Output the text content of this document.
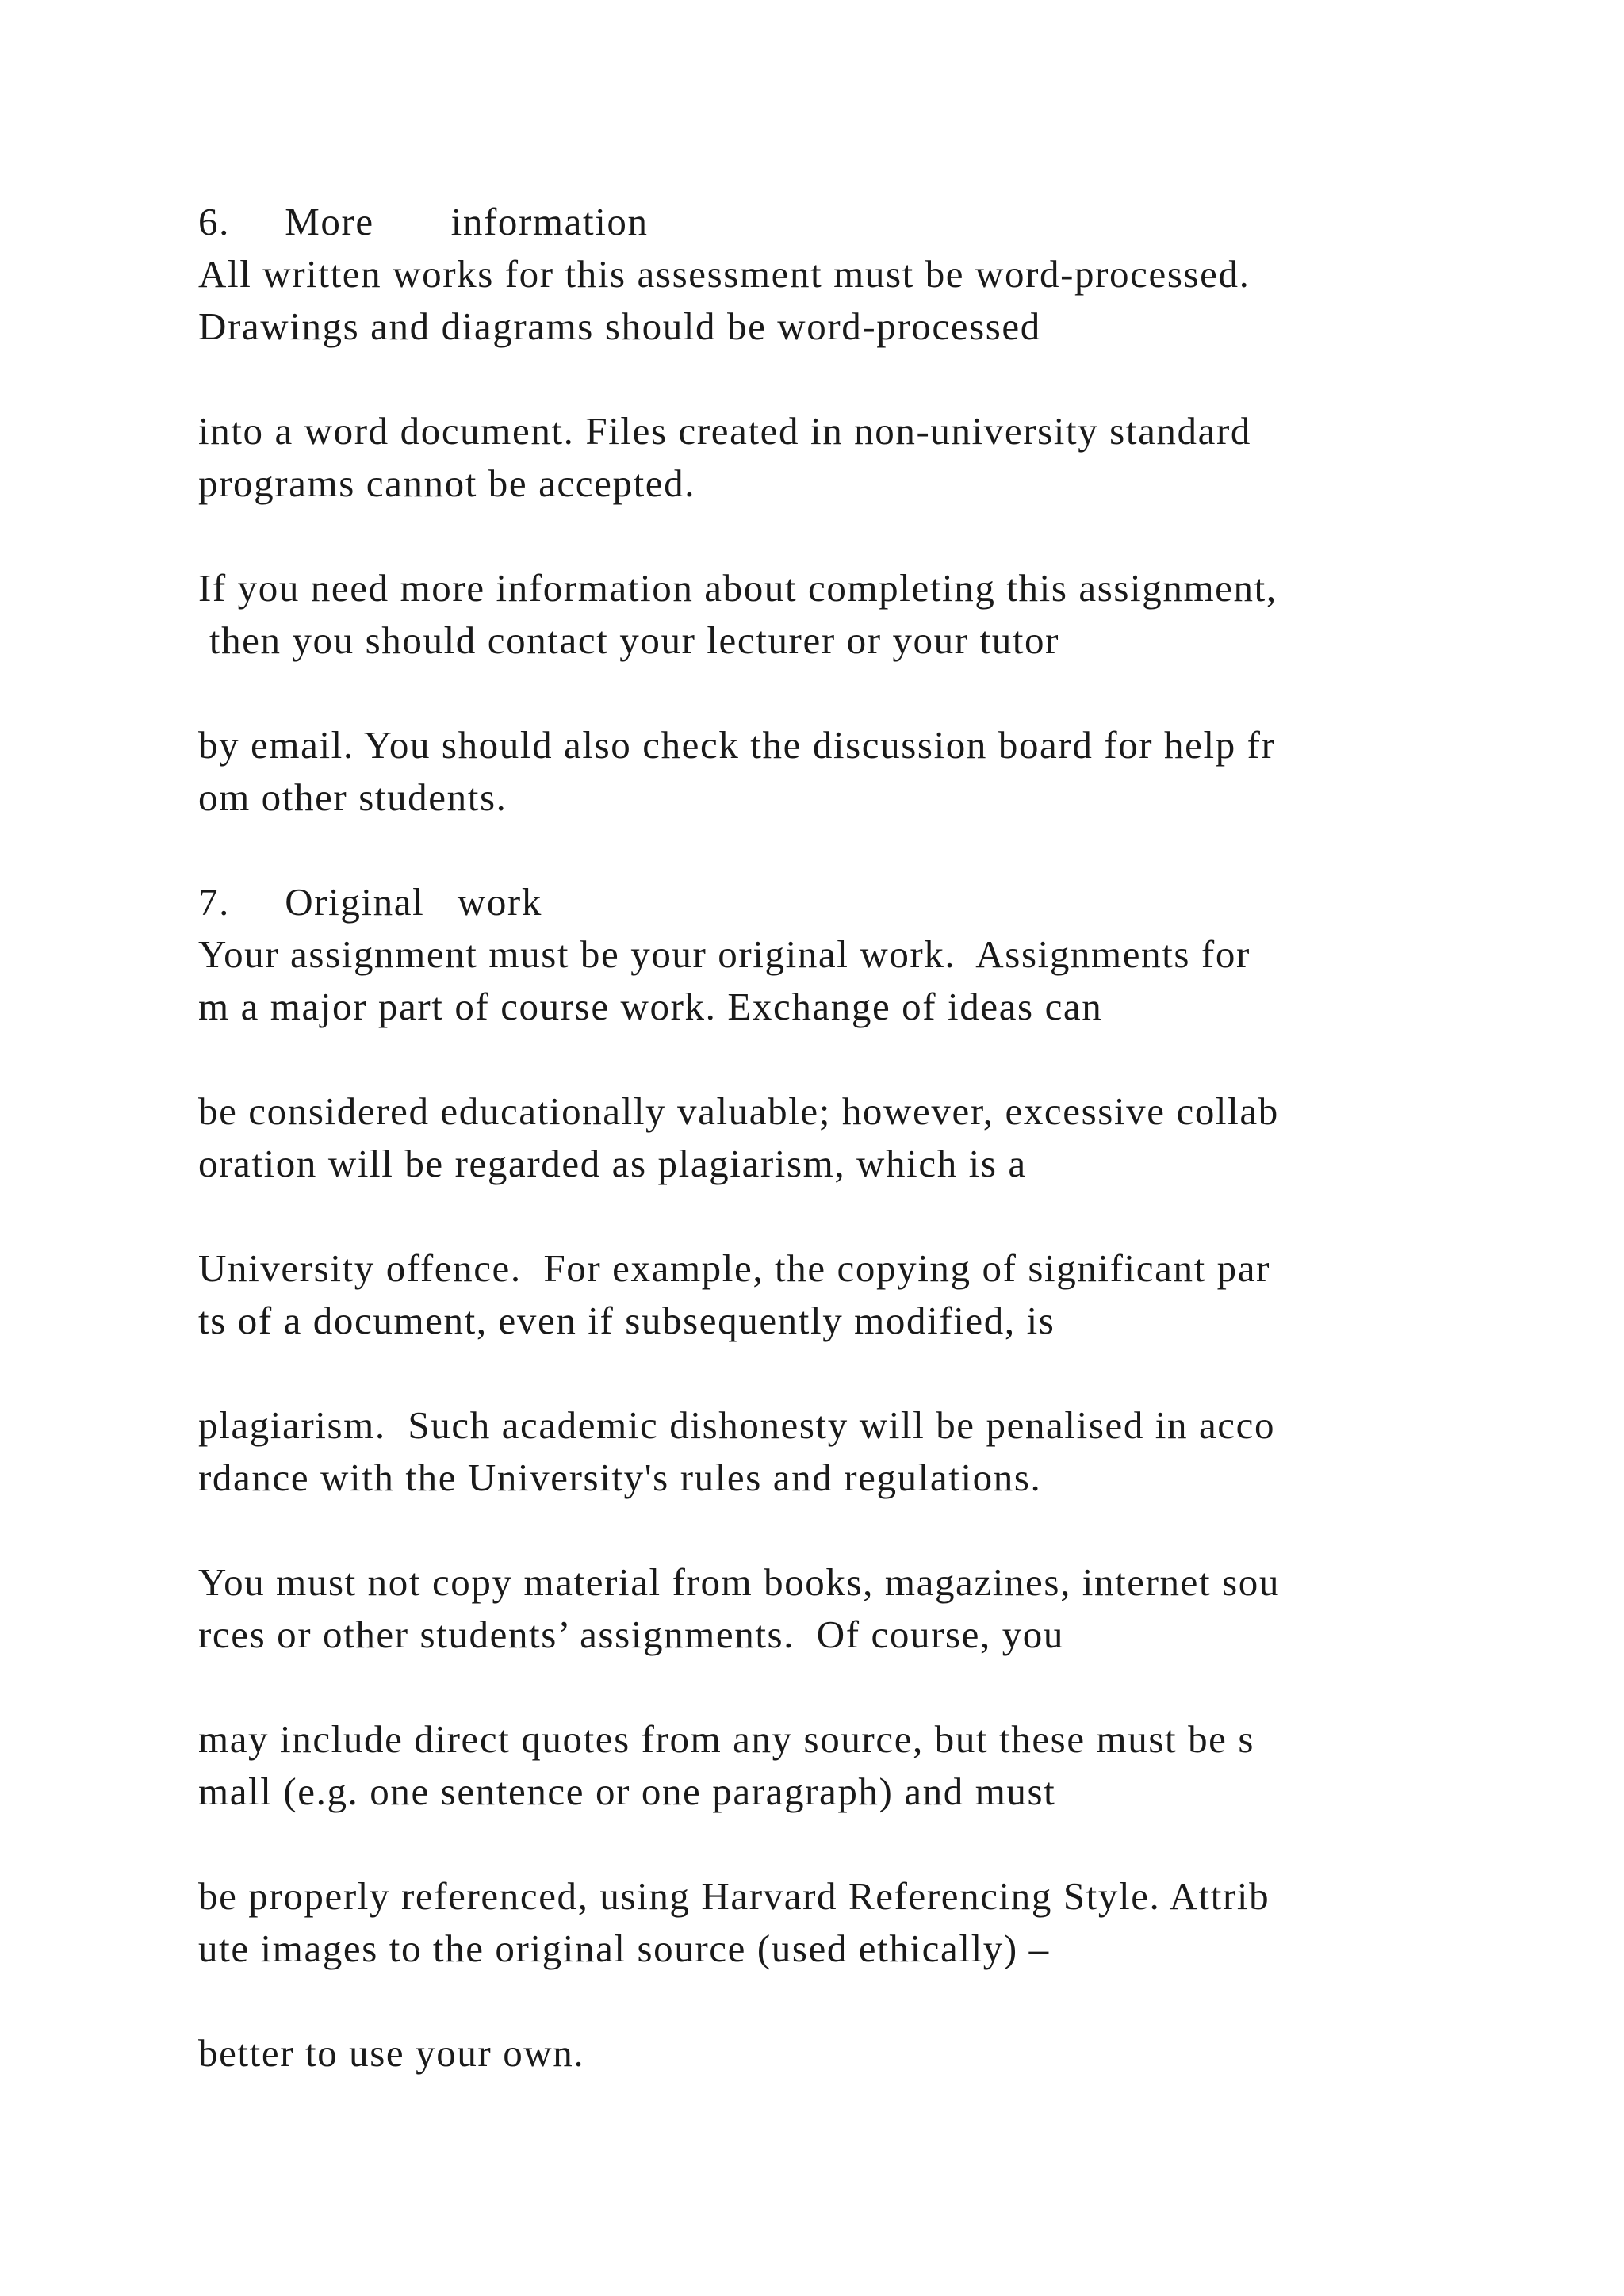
6.     More       information

All written works for this assessment must be word-processed.

Drawings and diagrams should be word-processed

into a word document. Files created in non-university standard

programs cannot be accepted.

If you need more information about completing this assignment,

then you should contact your lecturer or your tutor

by email. You should also check the discussion board for help fr

om other students.

7.     Original   work

Your assignment must be your original work.  Assignments for

m a major part of course work. Exchange of ideas can

be considered educationally valuable; however, excessive collab

oration will be regarded as plagiarism, which is a

University offence.  For example, the copying of significant par

ts of a document, even if subsequently modified, is

plagiarism.  Such academic dishonesty will be penalised in acco

rdance with the University's rules and regulations.

You must not copy material from books, magazines, internet sou

rces or other students’ assignments.  Of course, you

may include direct quotes from any source, but these must be s

mall (e.g. one sentence or one paragraph) and must

be properly referenced, using Harvard Referencing Style. Attrib

ute images to the original source (used ethically) –

better to use your own.
